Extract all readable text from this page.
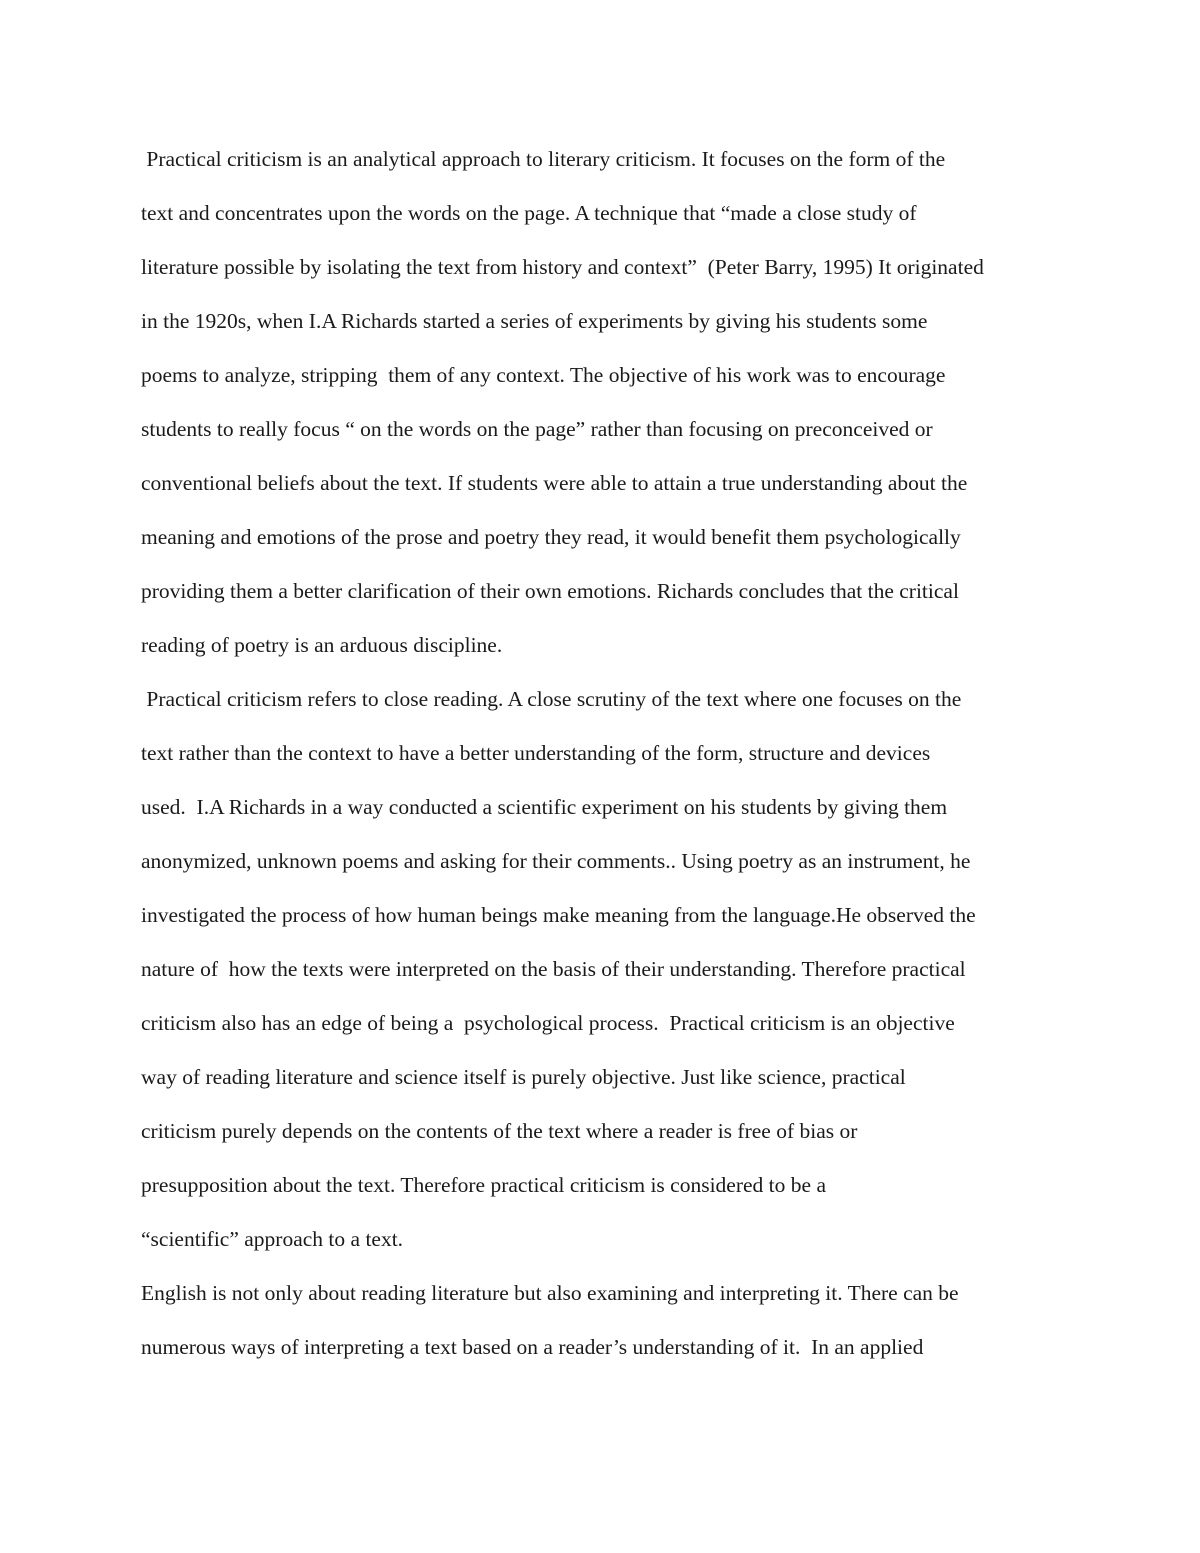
Practical criticism is an analytical approach to literary criticism. It focuses on the form of the
text and concentrates upon the words on the page. A technique that “made a close study of
literature possible by isolating the text from history and context”  (Peter Barry, 1995) It originated
in the 1920s, when I.A Richards started a series of experiments by giving his students some
poems to analyze, stripping  them of any context. The objective of his work was to encourage
students to really focus “ on the words on the page” rather than focusing on preconceived or
conventional beliefs about the text. If students were able to attain a true understanding about the
meaning and emotions of the prose and poetry they read, it would benefit them psychologically
providing them a better clarification of their own emotions. Richards concludes that the critical
reading of poetry is an arduous discipline.
Practical criticism refers to close reading. A close scrutiny of the text where one focuses on the
text rather than the context to have a better understanding of the form, structure and devices
used.  I.A Richards in a way conducted a scientific experiment on his students by giving them
anonymized, unknown poems and asking for their comments.. Using poetry as an instrument, he
investigated the process of how human beings make meaning from the language.He observed the
nature of  how the texts were interpreted on the basis of their understanding. Therefore practical
criticism also has an edge of being a  psychological process.  Practical criticism is an objective
way of reading literature and science itself is purely objective. Just like science, practical
criticism purely depends on the contents of the text where a reader is free of bias or
presupposition about the text. Therefore practical criticism is considered to be a
“scientific” approach to a text.
English is not only about reading literature but also examining and interpreting it. There can be
numerous ways of interpreting a text based on a reader’s understanding of it.  In an applied
